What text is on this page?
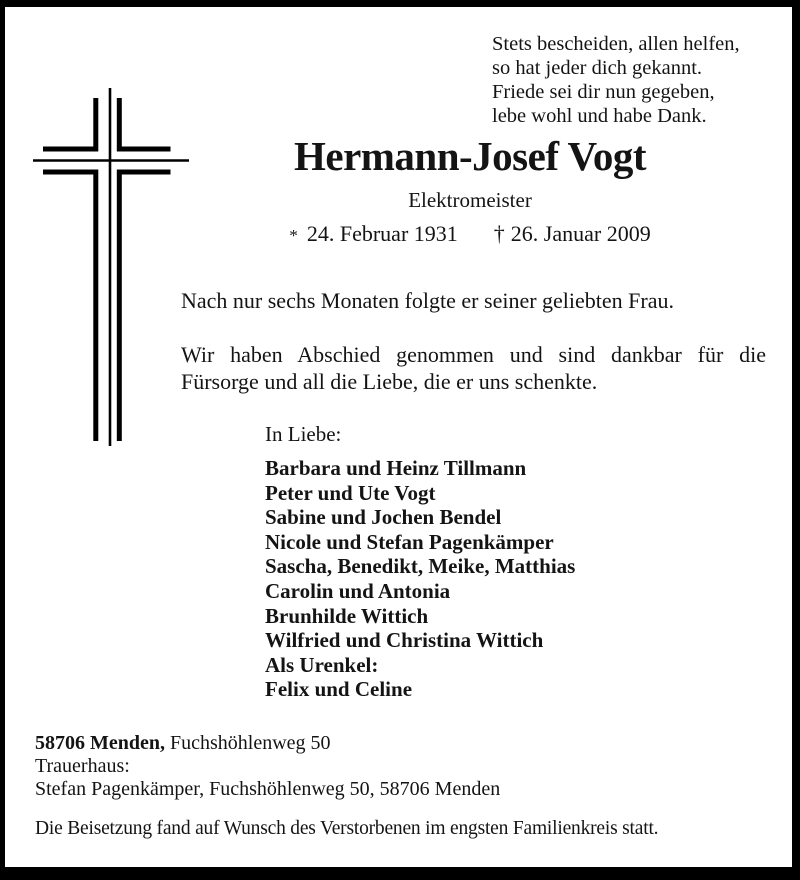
Stets bescheiden, allen helfen,
so hat jeder dich gekannt.
Friede sei dir nun gegeben,
lebe wohl und habe Dank.
Hermann-Josef Vogt
Elektromeister
* 24. Februar 1931 † 26. Januar 2009
Nach nur sechs Monaten folgte er seiner geliebten Frau.
Wir haben Abschied genommen und sind dankbar für die Fürsorge und all die Liebe, die er uns schenkte.
In Liebe:
Barbara und Heinz Tillmann
Peter und Ute Vogt
Sabine und Jochen Bendel
Nicole und Stefan Pagenkämper
Sascha, Benedikt, Meike, Matthias
Carolin und Antonia
Brunhilde Wittich
Wilfried und Christina Wittich
Als Urenkel:
Felix und Celine
58706 Menden, Fuchshöhlenweg 50
Trauerhaus:
Stefan Pagenkämper, Fuchshöhlenweg 50, 58706 Menden
Die Beisetzung fand auf Wunsch des Verstorbenen im engsten Familienkreis statt.
